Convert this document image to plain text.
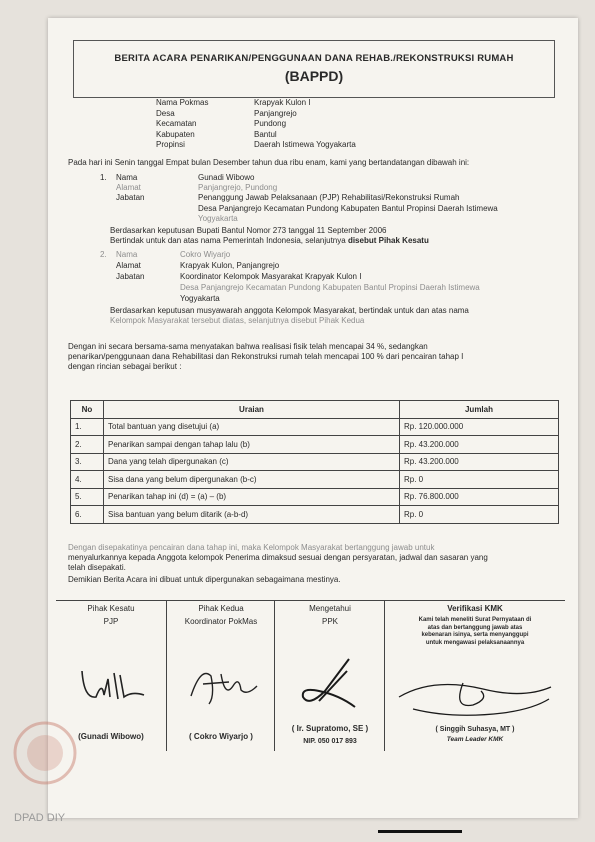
BERITA ACARA PENARIKAN/PENGGUNAAN DANA REHAB./REKONSTRUKSI RUMAH
(BAPPD)
Nama Pokmas	Krapyak Kulon I
Desa	Panjangrejo
Kecamatan	Pundong
Kabupaten	Bantul
Propinsi	Daerah Istimewa Yogyakarta
Pada hari ini Senin tanggal Empat bulan Desember tahun dua ribu enam, kami yang bertandatangan dibawah ini:
1. Nama	Gunadi Wibowo
Alamat	Panjangrejo, Pundong
Jabatan	Penanggung Jawab Pelaksanaan (PJP) Rehabilitasi/Rekonstruksi Rumah
Desa Panjangrejo Kecamatan Pundong Kabupaten Bantul Propinsi Daerah Istimewa
Yogyakarta
Berdasarkan keputusan Bupati Bantul Nomor 273 tanggal 11 September 2006
Bertindak untuk dan atas nama Pemerintah Indonesia, selanjutnya disebut Pihak Kesatu
2. Nama	Cokro Wiyarjo
Alamat	Krapyak Kulon, Panjangrejo
Jabatan	Koordinator Kelompok Masyarakat Krapyak Kulon I
Desa Panjangrejo Kecamatan Pundong Kabupaten Bantul Propinsi Daerah Istimewa
Yogyakarta
Berdasarkan keputusan musyawarah anggota Kelompok Masyarakat, bertindak untuk dan atas nama
Kelompok Masyarakat tersebut diatas, selanjutnya disebut Pihak Kedua
Dengan ini secara bersama-sama menyatakan bahwa realisasi fisik telah mencapai 34 %, sedangkan
penarikan/penggunaan dana Rehabilitasi dan Rekonstruksi rumah telah mencapai 100 % dari pencairan tahap I
dengan rincian sebagai berikut :
No	Uraian	Jumlah
1.	Total bantuan yang disetujui (a)	Rp. 120.000.000
2.	Penarikan sampai dengan tahap lalu (b)	Rp. 43.200.000
3.	Dana yang telah dipergunakan (c)	Rp. 43.200.000
4.	Sisa dana yang belum dipergunakan (b-c)	Rp. 0
5.	Penarikan tahap ini (d) = (a) – (b)	Rp. 76.800.000
6.	Sisa bantuan yang belum ditarik (a-b-d)	Rp. 0
Dengan disepakatinya pencairan dana tahap ini, maka Kelompok Masyarakat bertanggung jawab untuk
menyalurkannya kepada Anggota kelompok Penerima dimaksud sesuai dengan persyaratan, jadwal dan sasaran yang
telah disepakati.
Demikian Berita Acara ini dibuat untuk dipergunakan sebagaimana mestinya.
Pihak Kesatu
PJP
(Gunadi Wibowo)
Pihak Kedua
Koordinator PokMas
( Cokro Wiyarjo )
Mengetahui
PPK
( Ir. Supratomo, SE )
NIP. 050 017 893
Verifikasi KMK
Kami telah meneliti Surat Pernyataan di atas dan bertanggung jawab atas kebenaran isinya, serta menyanggupi untuk mengawasi pelaksanaannya
( Singgih Suhasya, MT )
Team Leader KMK
DPAD DIY
